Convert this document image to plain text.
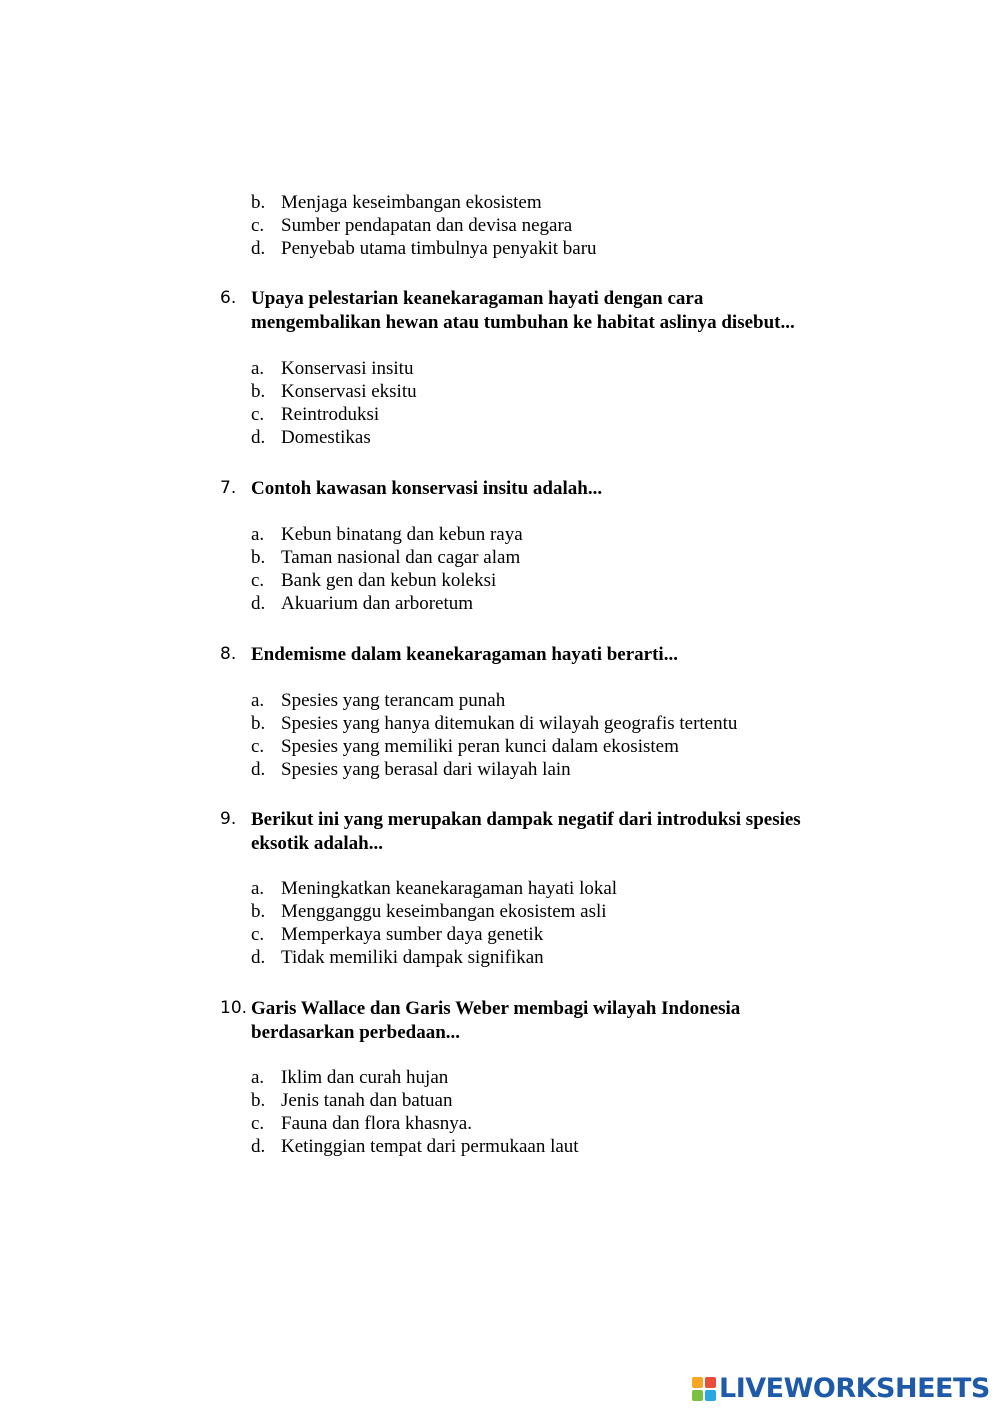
b. Menjaga keseimbangan ekosistem
c. Sumber pendapatan dan devisa negara
d. Penyebab utama timbulnya penyakit baru
6. Upaya pelestarian keanekaragaman hayati dengan cara
mengembalikan hewan atau tumbuhan ke habitat aslinya disebut...
a. Konservasi insitu
b. Konservasi eksitu
c. Reintroduksi
d. Domestikas
7. Contoh kawasan konservasi insitu adalah...
a. Kebun binatang dan kebun raya
b. Taman nasional dan cagar alam
c. Bank gen dan kebun koleksi
d. Akuarium dan arboretum
8. Endemisme dalam keanekaragaman hayati berarti...
a. Spesies yang terancam punah
b. Spesies yang hanya ditemukan di wilayah geografis tertentu
c. Spesies yang memiliki peran kunci dalam ekosistem
d. Spesies yang berasal dari wilayah lain
9. Berikut ini yang merupakan dampak negatif dari introduksi spesies
eksotik adalah...
a. Meningkatkan keanekaragaman hayati lokal
b. Mengganggu keseimbangan ekosistem asli
c. Memperkaya sumber daya genetik
d. Tidak memiliki dampak signifikan
10. Garis Wallace dan Garis Weber membagi wilayah Indonesia
berdasarkan perbedaan...
a. Iklim dan curah hujan
b. Jenis tanah dan batuan
c. Fauna dan flora khasnya.
d. Ketinggian tempat dari permukaan laut
LIVEWORKSHEETS
